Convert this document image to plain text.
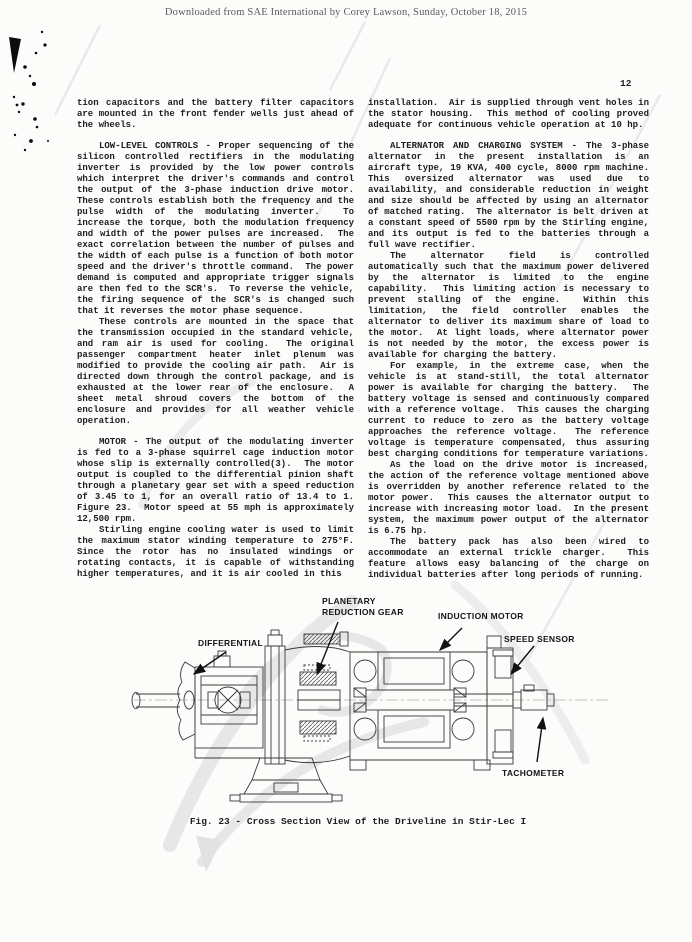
Downloaded from SAE International by Corey Lawson, Sunday, October 18, 2015
12

tion capacitors and the battery filter capacitors are mounted in the front fender wells just ahead of the wheels.

LOW-LEVEL CONTROLS - Proper sequencing of the silicon controlled rectifiers in the modulating inverter is provided by the low power controls which interpret the driver's commands and control the output of the 3-phase induction drive motor.  These controls establish both the frequency and the pulse width of the modulating inverter.  To increase the torque, both the modulation frequency and width of the power pulses are increased.  The exact correlation between the number of pulses and the width of each pulse is a function of both motor speed and the driver's throttle command.  The power demand is computed and appropriate trigger signals are then fed to the SCR's.  To reverse the vehicle, the firing sequence of the SCR's is changed such that it reverses the motor phase sequence.

These controls are mounted in the space that the transmission occupied in the standard vehicle, and ram air is used for cooling.  The original passenger compartment heater inlet plenum was modified to provide the cooling air path.  Air is directed down through the control package, and is exhausted at the lower rear of the enclosure.  A sheet metal shroud covers the bottom of the enclosure and provides for all weather vehicle operation.

MOTOR - The output of the modulating inverter is fed to a 3-phase squirrel cage induction motor whose slip is externally controlled(3).  The motor output is coupled to the differential pinion shaft through a planetary gear set with a speed reduction of 3.45 to 1, for an overall ratio of 13.4 to 1. Figure 23.  Motor speed at 55 mph is approximately 12,500 rpm.

Stirling engine cooling water is used to limit the maximum stator winding temperature to 275°F. Since the rotor has no insulated windings or rotating contacts, it is capable of withstanding higher temperatures, and it is air cooled in this

installation.  Air is supplied through vent holes in the stator housing.  This method of cooling proved adequate for continuous vehicle operation at 10 hp.

ALTERNATOR AND CHARGING SYSTEM - The 3-phase alternator in the present installation is an aircraft type, 19 KVA, 400 cycle, 8000 rpm machine.  This oversized alternator was used due to availability, and considerable reduction in weight and size should be affected by using an alternator of matched rating.  The alternator is belt driven at a constant speed of 5500 rpm by the Stirling engine, and its output is fed to the batteries through a full wave rectifier.

The alternator field is controlled automatically such that the maximum power delivered by the alternator is limited to the engine capability.  This limiting action is necessary to prevent stalling of the engine.  Within this limitation, the field controller enables the alternator to deliver its maximum share of load to the motor.  At light loads, where alternator power is not needed by the motor, the excess power is available for charging the battery.

For example, in the extreme case, when the vehicle is at stand-still, the total alternator power is available for charging the battery.  The battery voltage is sensed and continuously compared with a reference voltage.  This causes the charging current to reduce to zero as the battery voltage approaches the reference voltage.  The reference voltage is temperature compensated, thus assuring best charging conditions for temperature variations.

As the load on the drive motor is increased, the action of the reference voltage mentioned above is overridden by another reference related to the motor power.  This causes the alternator output to increase with increasing motor load.  In the present system, the maximum power output of the alternator is 6.75 hp.

The battery pack has also been wired to accommodate an external trickle charger.  This feature allows easy balancing of the charge on individual batteries after long periods of running.

DIFFERENTIAL
PLANETARY
REDUCTION GEAR	INDUCTION MOTOR
SPEED SENSOR
TACHOMETER
Fig. 23 - Cross Section View of the Driveline in Stir-Lec I
